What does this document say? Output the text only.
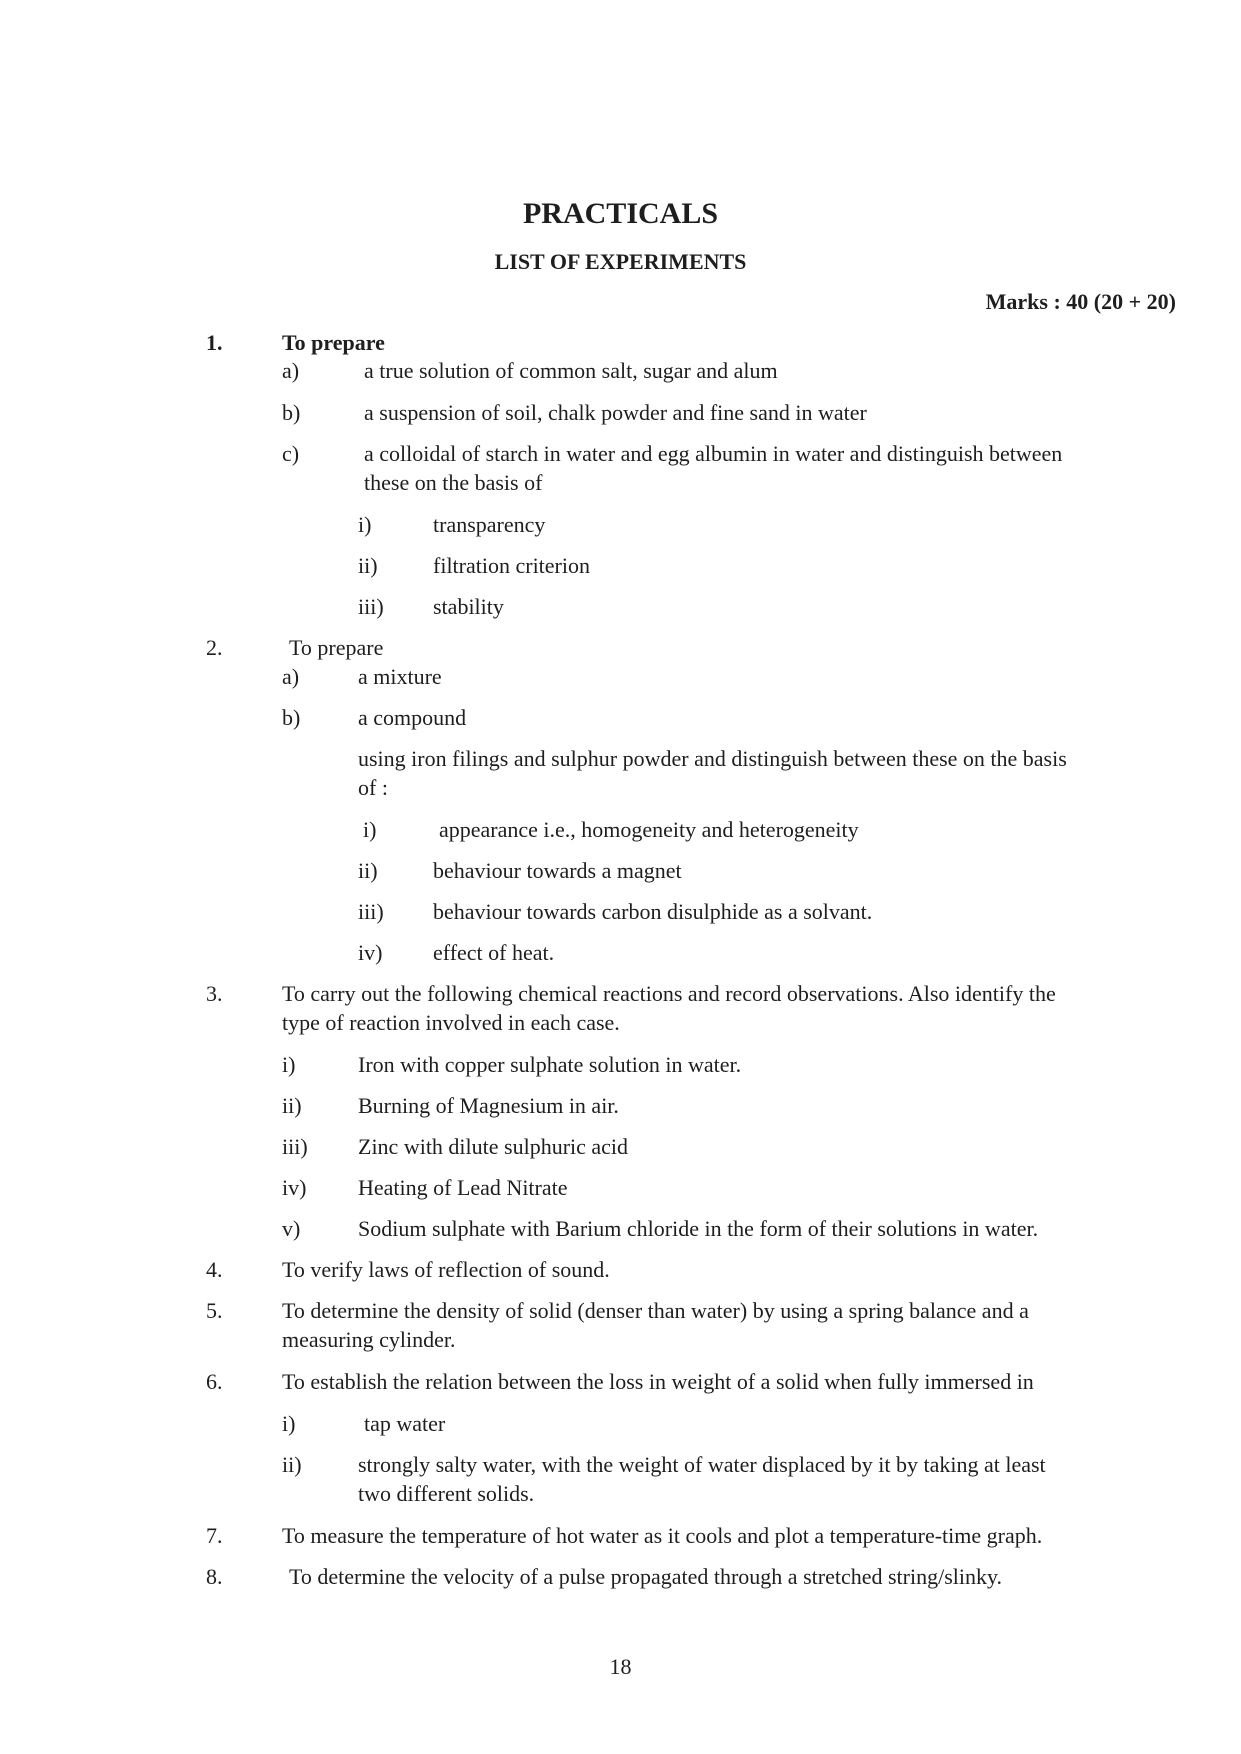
PRACTICALS
LIST OF EXPERIMENTS
Marks : 40 (20 + 20)
1.	To prepare
a)	a true solution of common salt, sugar and alum
b)	a suspension of soil, chalk powder and fine sand in water
c)	a colloidal of starch in water and egg albumin in water and distinguish between
these on the basis of
i)	transparency
ii)	filtration criterion
iii) stability
2.	To prepare
a)	a mixture
b)	a compound
using iron filings and sulphur powder and distinguish between these on the basis
of :
i)	appearance i.e., homogeneity and heterogeneity
ii)	behaviour towards a magnet
iii) behaviour towards carbon disulphide as a solvant.
iv) effect of heat.
3.	To carry out the following chemical reactions and record observations. Also identify the
type of reaction involved in each case.
i)	Iron with copper sulphate solution in water.
ii)	Burning of Magnesium in air.
iii) Zinc with dilute sulphuric acid
iv) Heating of Lead Nitrate
v)	Sodium sulphate with Barium chloride in the form of their solutions in water.
4.	To verify laws of reflection of sound.
5.	To determine the density of solid (denser than water) by using a spring balance and a
measuring cylinder.
6.	To establish the relation between the loss in weight of a solid when fully immersed in
i)	tap water
ii)	strongly salty water, with the weight of water displaced by it by taking at least
two different solids.
7.	To measure the temperature of hot water as it cools and plot a temperature-time graph.
8.	To determine the velocity of a pulse propagated through a stretched string/slinky.
18
